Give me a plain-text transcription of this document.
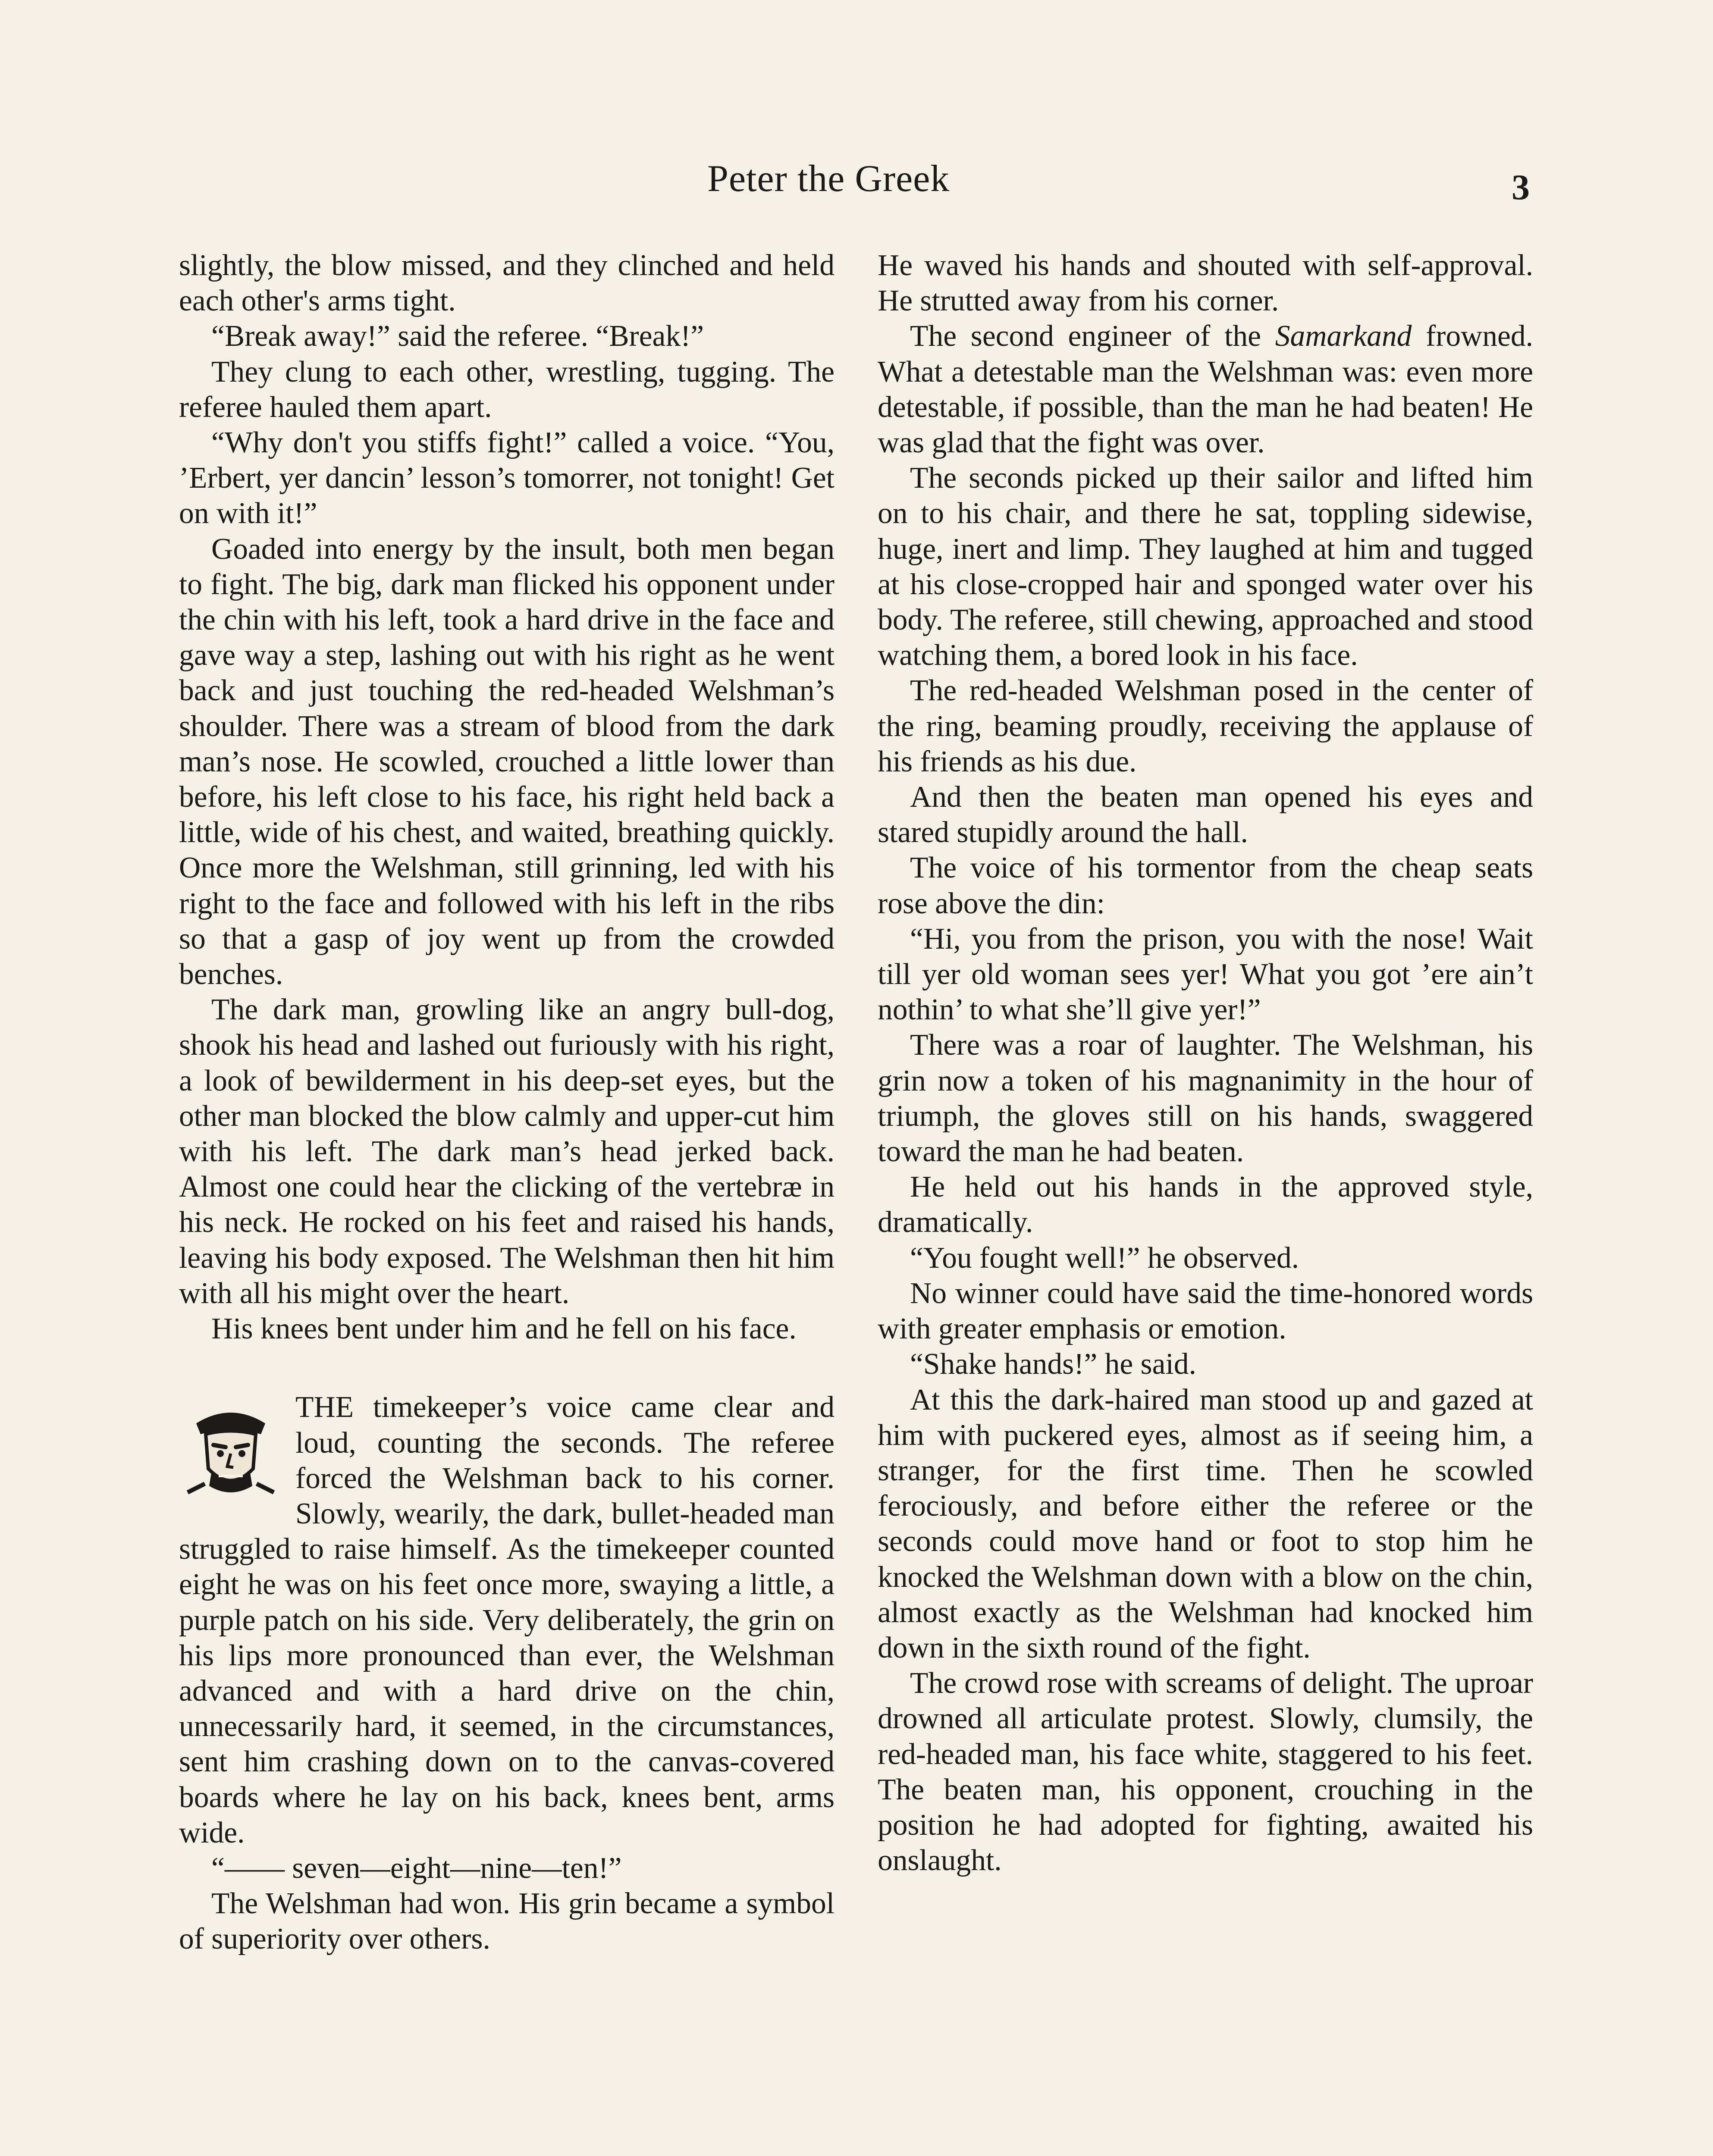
Peter the Greek	3

slightly, the blow missed, and they clinched and held each other's arms tight.

“Break away!” said the referee. “Break!”

They clung to each other, wrestling, tugging. The referee hauled them apart.

“Why don't you stiffs fight!” called a voice. “You, ’Erbert, yer dancin’ lesson’s tomorrer, not tonight! Get on with it!”

Goaded into energy by the insult, both men began to fight. The big, dark man flicked his opponent under the chin with his left, took a hard drive in the face and gave way a step, lashing out with his right as he went back and just touching the red-headed Welshman’s shoulder. There was a stream of blood from the dark man’s nose. He scowled, crouched a little lower than before, his left close to his face, his right held back a little, wide of his chest, and waited, breathing quickly. Once more the Welshman, still grinning, led with his right to the face and followed with his left in the ribs so that a gasp of joy went up from the crowded benches.

The dark man, growling like an angry bull-dog, shook his head and lashed out furiously with his right, a look of bewilderment in his deep-set eyes, but the other man blocked the blow calmly and upper-cut him with his left. The dark man’s head jerked back. Almost one could hear the clicking of the vertebræ in his neck. He rocked on his feet and raised his hands, leaving his body exposed. The Welshman then hit him with all his might over the heart.

His knees bent under him and he fell on his face.

THE timekeeper’s voice came clear and loud, counting the seconds. The referee forced the Welshman back to his corner. Slowly, wearily, the dark, bullet-headed man struggled to raise himself. As the timekeeper counted eight he was on his feet once more, swaying a little, a purple patch on his side. Very deliberately, the grin on his lips more pronounced than ever, the Welshman advanced and with a hard drive on the chin, unnecessarily hard, it seemed, in the circumstances, sent him crashing down on to the canvas-covered boards where he lay on his back, knees bent, arms wide.

“—— seven—eight—nine—ten!”

The Welshman had won. His grin became a symbol of superiority over others.

He waved his hands and shouted with self-approval. He strutted away from his corner.

The second engineer of the Samarkand frowned. What a detestable man the Welshman was: even more detestable, if possible, than the man he had beaten! He was glad that the fight was over.

The seconds picked up their sailor and lifted him on to his chair, and there he sat, toppling sidewise, huge, inert and limp. They laughed at him and tugged at his close-cropped hair and sponged water over his body. The referee, still chewing, approached and stood watching them, a bored look in his face.

The red-headed Welshman posed in the center of the ring, beaming proudly, receiving the applause of his friends as his due.

And then the beaten man opened his eyes and stared stupidly around the hall.

The voice of his tormentor from the cheap seats rose above the din:

“Hi, you from the prison, you with the nose! Wait till yer old woman sees yer! What you got ’ere ain’t nothin’ to what she’ll give yer!”

There was a roar of laughter. The Welshman, his grin now a token of his magnanimity in the hour of triumph, the gloves still on his hands, swaggered toward the man he had beaten.

He held out his hands in the approved style, dramatically.

“You fought well!” he observed.

No winner could have said the time-honored words with greater emphasis or emotion.

“Shake hands!” he said.

At this the dark-haired man stood up and gazed at him with puckered eyes, almost as if seeing him, a stranger, for the first time. Then he scowled ferociously, and before either the referee or the seconds could move hand or foot to stop him he knocked the Welshman down with a blow on the chin, almost exactly as the Welshman had knocked him down in the sixth round of the fight.

The crowd rose with screams of delight. The uproar drowned all articulate protest. Slowly, clumsily, the red-headed man, his face white, staggered to his feet. The beaten man, his opponent, crouching in the position he had adopted for fighting, awaited his onslaught.
